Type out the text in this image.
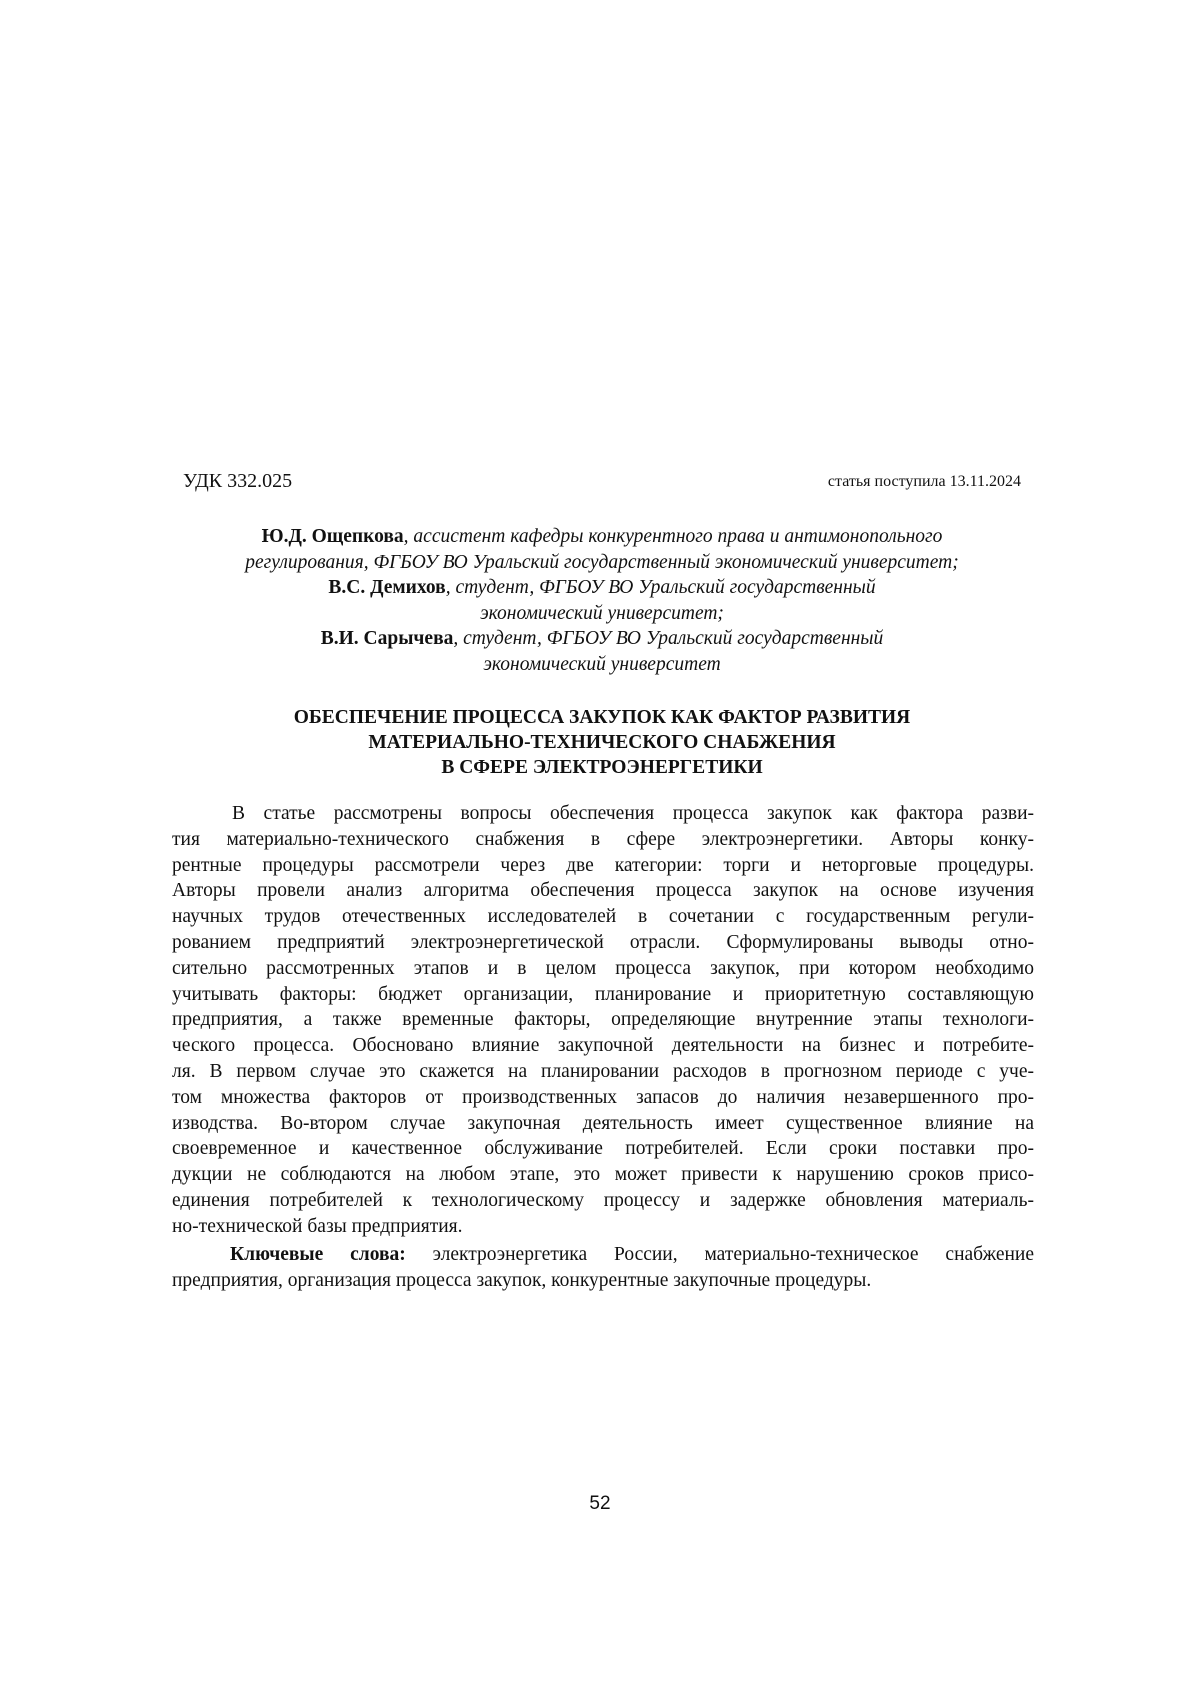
УДК 332.025	статья поступила 13.11.2024
Ю.Д. Ощепкова, ассистент кафедры конкурентного права и антимонопольного
регулирования, ФГБОУ ВО Уральский государственный экономический университет;
В.С. Демихов, студент, ФГБОУ ВО Уральский государственный
экономический университет;
В.И. Сарычева, студент, ФГБОУ ВО Уральский государственный
экономический университет
ОБЕСПЕЧЕНИЕ ПРОЦЕССА ЗАКУПОК КАК ФАКТОР РАЗВИТИЯ
МАТЕРИАЛЬНО-ТЕХНИЧЕСКОГО СНАБЖЕНИЯ
В СФЕРЕ ЭЛЕКТРОЭНЕРГЕТИКИ
В статье рассмотрены вопросы обеспечения процесса закупок как фактора разви-
тия материально-технического снабжения в сфере электроэнергетики. Авторы конку-
рентные процедуры рассмотрели через две категории: торги и неторговые процедуры.
Авторы провели анализ алгоритма обеспечения процесса закупок на основе изучения
научных трудов отечественных исследователей в сочетании с государственным регули-
рованием предприятий электроэнергетической отрасли. Сформулированы выводы отно-
сительно рассмотренных этапов и в целом процесса закупок, при котором необходимо
учитывать факторы: бюджет организации, планирование и приоритетную составляющую
предприятия, а также временные факторы, определяющие внутренние этапы технологи-
ческого процесса. Обосновано влияние закупочной деятельности на бизнес и потребите-
ля. В первом случае это скажется на планировании расходов в прогнозном периоде с уче-
том множества факторов от производственных запасов до наличия незавершенного про-
изводства. Во-втором случае закупочная деятельность имеет существенное влияние на
своевременное и качественное обслуживание потребителей. Если сроки поставки про-
дукции не соблюдаются на любом этапе, это может привести к нарушению сроков присо-
единения потребителей к технологическому процессу и задержке обновления материаль-
но-технической базы предприятия.
Ключевые слова: электроэнергетика России, материально-техническое снабжение
предприятия, организация процесса закупок, конкурентные закупочные процедуры.
52
